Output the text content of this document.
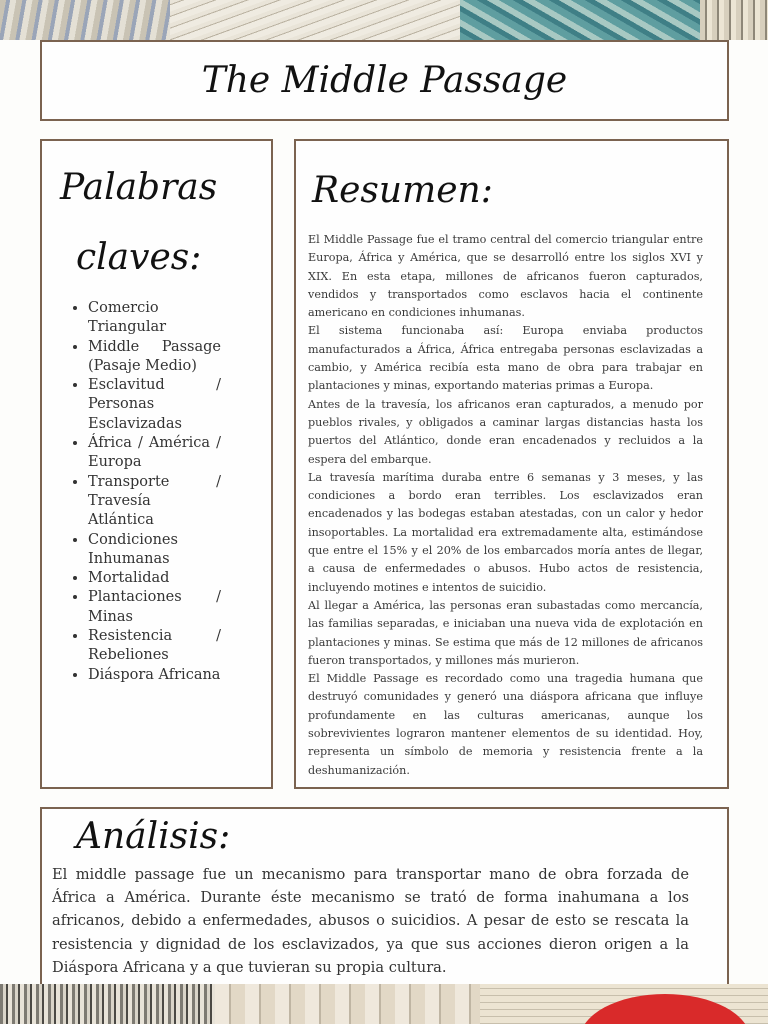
The Middle Passage
Palabras
claves:
• Comercio Triangular
• Middle Passage (Pasaje Medio)
• Esclavitud / Personas Esclavizadas
• África / América / Europa
• Transporte / Travesía Atlántica
• Condiciones Inhumanas
• Mortalidad
• Plantaciones / Minas
• Resistencia / Rebeliones
• Diáspora Africana
Resumen:

El Middle Passage fue el tramo central del comercio triangular entre Europa, África y América, que se desarrolló entre los siglos XVI y XIX. En esta etapa, millones de africanos fueron capturados, vendidos y transportados como esclavos hacia el continente americano en condiciones inhumanas.

El sistema funcionaba así: Europa enviaba productos manufacturados a África, África entregaba personas esclavizadas a cambio, y América recibía esta mano de obra para trabajar en plantaciones y minas, exportando materias primas a Europa.

Antes de la travesía, los africanos eran capturados, a menudo por pueblos rivales, y obligados a caminar largas distancias hasta los puertos del Atlántico, donde eran encadenados y recluidos a la espera del embarque.

La travesía marítima duraba entre 6 semanas y 3 meses, y las condiciones a bordo eran terribles. Los esclavizados eran encadenados y las bodegas estaban atestadas, con un calor y hedor insoportables. La mortalidad era extremadamente alta, estimándose que entre el 15% y el 20% de los embarcados moría antes de llegar, a causa de enfermedades o abusos. Hubo actos de resistencia, incluyendo motines e intentos de suicidio.

Al llegar a América, las personas eran subastadas como mercancía, las familias separadas, e iniciaban una nueva vida de explotación en plantaciones y minas. Se estima que más de 12 millones de africanos fueron transportados, y millones más murieron.

El Middle Passage es recordado como una tragedia humana que destruyó comunidades y generó una diáspora africana que influye profundamente en las culturas americanas, aunque los sobrevivientes lograron mantener elementos de su identidad. Hoy, representa un símbolo de memoria y resistencia frente a la deshumanización.

Análisis:

El middle passage fue un mecanismo para transportar mano de obra forzada de África a América. Durante éste mecanismo se trató de forma inahumana a los africanos, debido a enfermedades, abusos o suicidios. A pesar de esto se rescata la resistencia y dignidad de los esclavizados, ya que sus acciones dieron origen a la Diáspora Africana y a que tuvieran su propia cultura.
